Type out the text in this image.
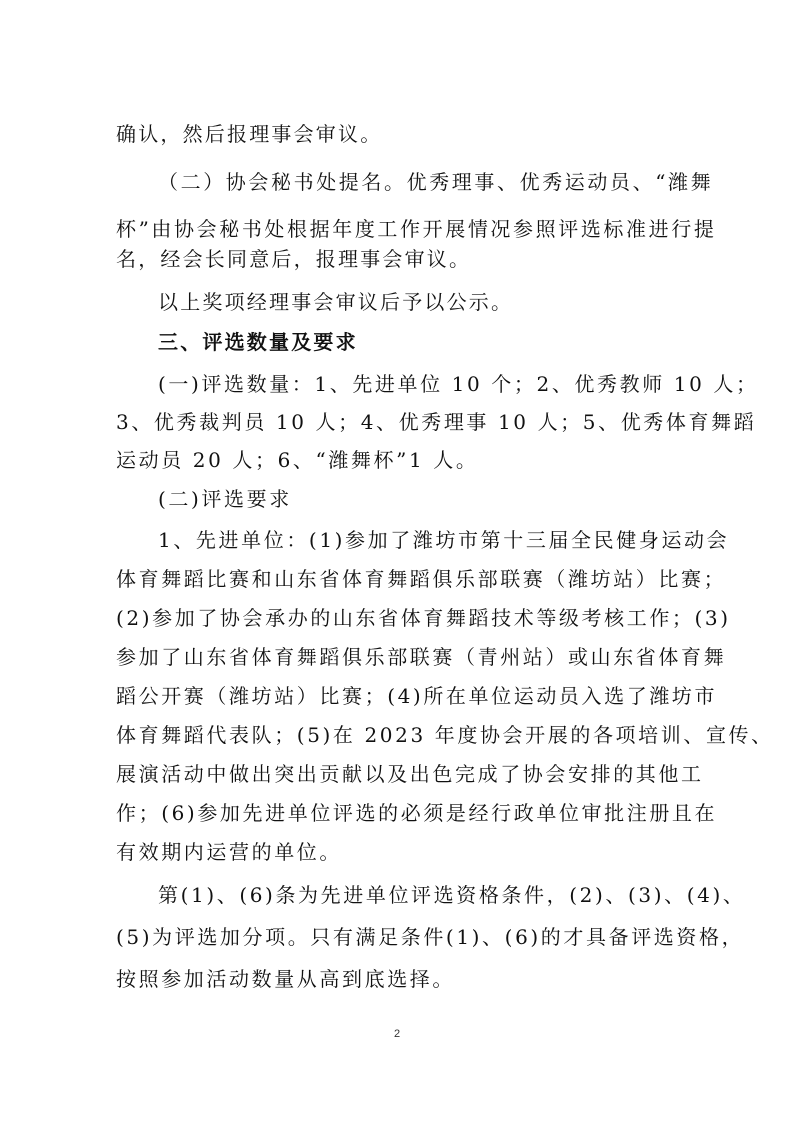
确认，然后报理事会审议。
（二）协会秘书处提名。优秀理事、优秀运动员、“潍舞
杯”由协会秘书处根据年度工作开展情况参照评选标准进行提
名，经会长同意后，报理事会审议。
以上奖项经理事会审议后予以公示。
三、评选数量及要求
(一)评选数量：1、先进单位 10 个；2、优秀教师 10 人；
3、优秀裁判员 10 人；4、优秀理事 10 人；5、优秀体育舞蹈
运动员 20 人；6、“潍舞杯”1 人。
(二)评选要求
1、先进单位：(1)参加了潍坊市第十三届全民健身运动会
体育舞蹈比赛和山东省体育舞蹈俱乐部联赛（潍坊站）比赛；
(2)参加了协会承办的山东省体育舞蹈技术等级考核工作；(3)
参加了山东省体育舞蹈俱乐部联赛（青州站）或山东省体育舞
蹈公开赛（潍坊站）比赛；(4)所在单位运动员入选了潍坊市
体育舞蹈代表队；(5)在 2023 年度协会开展的各项培训、宣传、
展演活动中做出突出贡献以及出色完成了协会安排的其他工
作；(6)参加先进单位评选的必须是经行政单位审批注册且在
有效期内运营的单位。
第(1)、(6)条为先进单位评选资格条件，(2)、(3)、(4)、
(5)为评选加分项。只有满足条件(1)、(6)的才具备评选资格，
按照参加活动数量从高到底选择。
2
